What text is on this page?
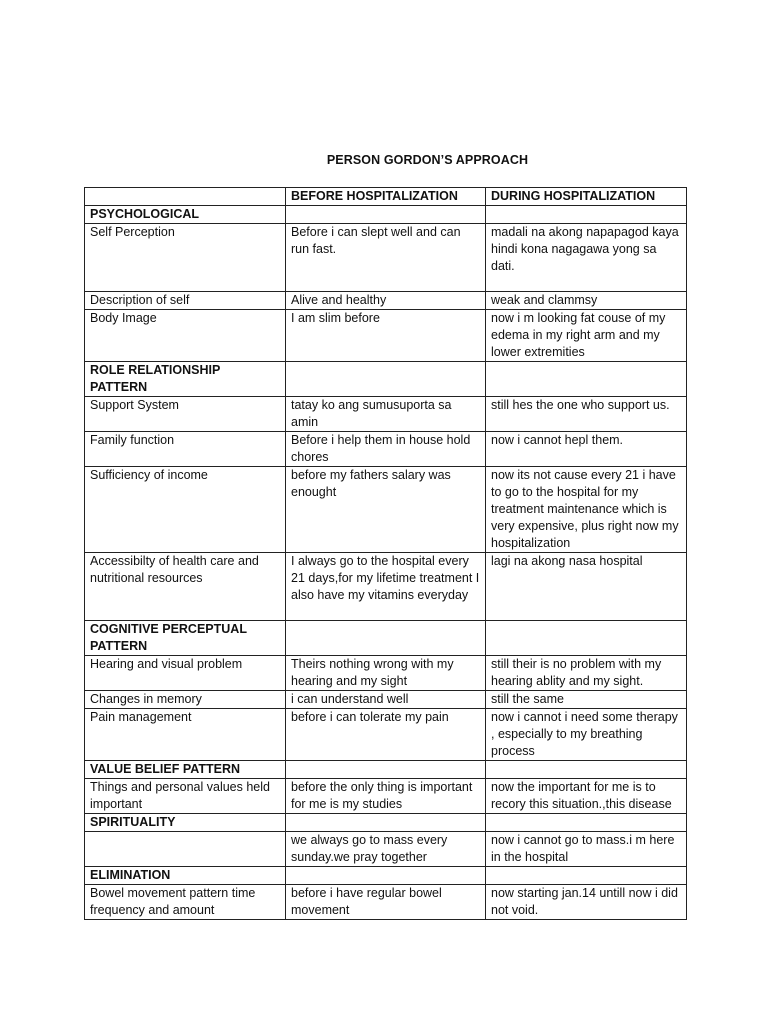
PERSON GORDON’S APPROACH
	BEFORE HOSPITALIZATION	DURING HOSPITALIZATION
PSYCHOLOGICAL		
Self Perception	Before i can slept well and can run fast.	madali na akong napapagod kaya hindi kona nagagawa yong sa dati.
Description of self	Alive and healthy	weak and clammsy
Body Image	I am slim before	now i m looking fat couse of my edema in my right arm and my lower extremities
ROLE RELATIONSHIP PATTERN		
Support System	tatay ko ang sumusuporta sa amin	still hes the one who support us.
Family function	Before i help them in house hold chores	now i cannot hepl them.
Sufficiency of income	before my fathers salary was enought	now its not cause every 21 i have to go to the hospital for my treatment maintenance which is very expensive, plus right now my hospitalization
Accessibilty of health care and nutritional resources	I always go to the hospital every 21 days,for my lifetime treatment I also have my vitamins everyday	lagi na akong nasa hospital
COGNITIVE PERCEPTUAL PATTERN		
Hearing and visual problem	Theirs nothing wrong with my hearing and my sight	still their is no problem with my hearing ablity and my sight.
Changes in memory	i can understand well	still the same
Pain management	before i can tolerate my pain	now i cannot i need some therapy , especially to my breathing process
VALUE BELIEF PATTERN		
Things and personal values held important	before the only thing is important for me is my studies	now the important for me is to recory this situation.,this disease
SPIRITUALITY		
	we always go to mass every sunday.we pray together	now i cannot go to mass.i m here in the hospital
ELIMINATION		
Bowel movement pattern time frequency and amount	before i have regular bowel movement	now starting jan.14 untill now i did not void.
